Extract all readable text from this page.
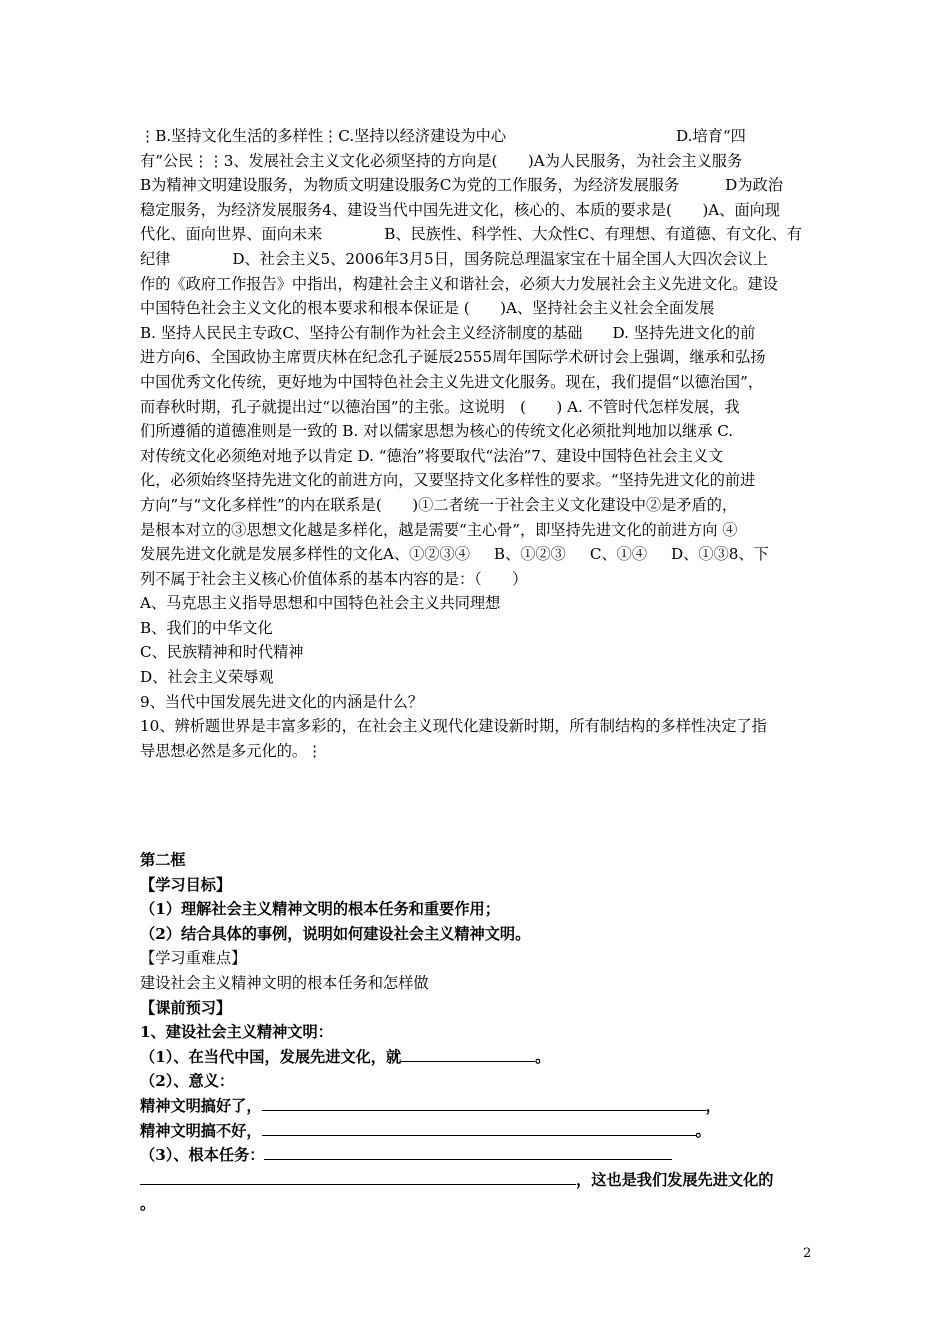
⋮B.坚持文化生活的多样性⋮C.坚持以经济建设为中心	D.培育“四
有”公民⋮⋮3、发展社会主义文化必须坚持的方向是(　　)A为人民服务，为社会主义服务
B为精神文明建设服务，为物质文明建设服务C为党的工作服务，为经济发展服务	D为政治
稳定服务，为经济发展服务4、建设当代中国先进文化，核心的、本质的要求是(　　)A、面向现
代化、面向世界、面向未来	B、民族性、科学性、大众性C、有理想、有道德、有文化、有
纪律	D、社会主义5、2006年3月5日，国务院总理温家宝在十届全国人大四次会议上
作的《政府工作报告》中指出，构建社会主义和谐社会，必须大力发展社会主义先进文化。建设
中国特色社会主义文化的根本要求和根本保证是 (　　)A、坚持社会主义社会全面发展
B. 坚持人民民主专政C、坚持公有制作为社会主义经济制度的基础 D. 坚持先进文化的前
进方向6、全国政协主席贾庆林在纪念孔子诞辰2555周年国际学术研讨会上强调，继承和弘扬
中国优秀文化传统，更好地为中国特色社会主义先进文化服务。现在，我们提倡“以德治国”，
而春秋时期，孔子就提出过“以德治国”的主张。这说明　(　　) A. 不管时代怎样发展，我
们所遵循的道德准则是一致的 B. 对以儒家思想为核心的传统文化必须批判地加以继承 C.
对传统文化必须绝对地予以肯定 D. “德治”将要取代“法治”7、建设中国特色社会主义文
化，必须始终坚持先进文化的前进方向，又要坚持文化多样性的要求。“坚持先进文化的前进
方向”与“文化多样性”的内在联系是(　　)①二者统一于社会主义文化建设中②是矛盾的，
是根本对立的③思想文化越是多样化，越是需要“主心骨”，即坚持先进文化的前进方向 ④
发展先进文化就是发展多样性的文化A、①②③④ B、①②③ C、①④ D、①③8、下
列不属于社会主义核心价值体系的基本内容的是：（　　）
A、马克思主义指导思想和中国特色社会主义共同理想
B、我们的中华文化
C、民族精神和时代精神
D、社会主义荣辱观
9、当代中国发展先进文化的内涵是什么？
10、辨析题世界是丰富多彩的，在社会主义现代化建设新时期，所有制结构的多样性决定了指
导思想必然是多元化的。⋮
第二框
【学习目标】
（1）理解社会主义精神文明的根本任务和重要作用；
（2）结合具体的事例，说明如何建设社会主义精神文明。
【学习重难点】
建设社会主义精神文明的根本任务和怎样做
【课前预习】
1、建设社会主义精神文明：
（1）、在当代中国，发展先进文化，就	。
（2）、意义：
精神文明搞好了，	，
精神文明搞不好，	。
（3）、根本任务：
，这也是我们发展先进文化的
。
2
